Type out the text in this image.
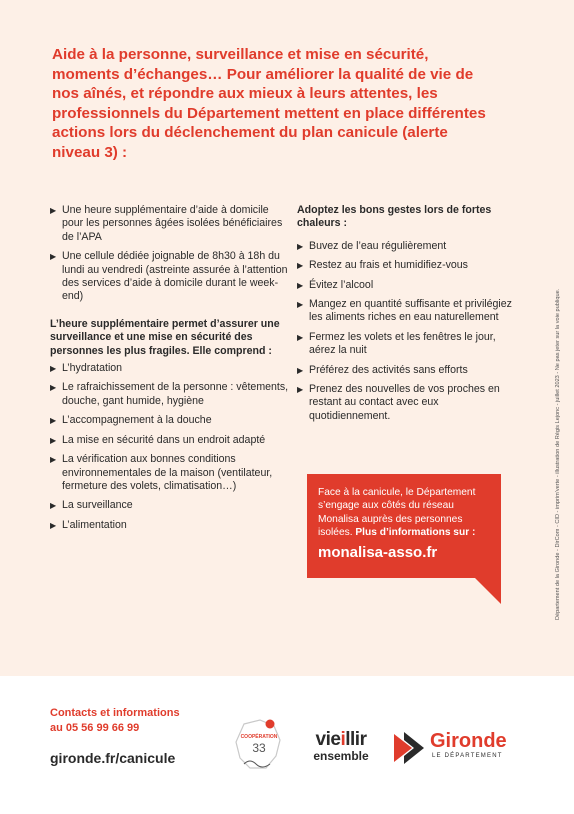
Aide à la personne, surveillance et mise en sécurité, moments d’échanges… Pour améliorer la qualité de vie de nos aînés, et répondre aux mieux à leurs attentes, les professionnels du Département mettent en place différentes actions lors du déclenchement du plan canicule (alerte niveau 3) :

Département de la Gironde - DirCom - CID - imprim'verte - illustration de Régis Lejonc - juillet 2023 - Ne pas jeter sur la voie publique.
▶ Une heure supplémentaire d’aide à domicile pour les personnes âgées isolées bénéficiaires de l’APA
▶ Une cellule dédiée joignable de 8h30 à 18h du lundi au vendredi (astreinte assurée à l’attention des services d’aide à domicile durant le week-end)

L’heure supplémentaire permet d’assurer une surveillance et une mise en sécurité des personnes les plus fragiles. Elle comprend :

▶ L’hydratation
▶ Le rafraichissement de la personne : vêtements, douche, gant humide, hygiène
▶ L’accompagnement à la douche
▶ La mise en sécurité dans un endroit adapté
▶ La vérification aux bonnes conditions environnementales de la maison (ventilateur, fermeture des volets, climatisation…)
▶ La surveillance
▶ L’alimentation

Adoptez les bons gestes lors de fortes chaleurs :

▶ Buvez de l’eau régulièrement
▶ Restez au frais et humidifiez-vous
▶ Évitez l’alcool
▶ Mangez en quantité suffisante et privilégiez les aliments riches en eau naturellement
▶ Fermez les volets et les fenêtres le jour, aérez la nuit
▶ Préférez des activités sans efforts
▶ Prenez des nouvelles de vos proches en restant au contact avec eux quotidiennement.
Face à la canicule, le Département s’engage aux côtés du réseau Monalisa auprès des personnes isolées. Plus d’informations sur :
monalisa-asso.fr
Contacts et informations
au 05 56 99 66 99
gironde.fr/canicule
COOPÉRATION
33	vieillir
ensemble
Gironde
LE DÉPARTEMENT
